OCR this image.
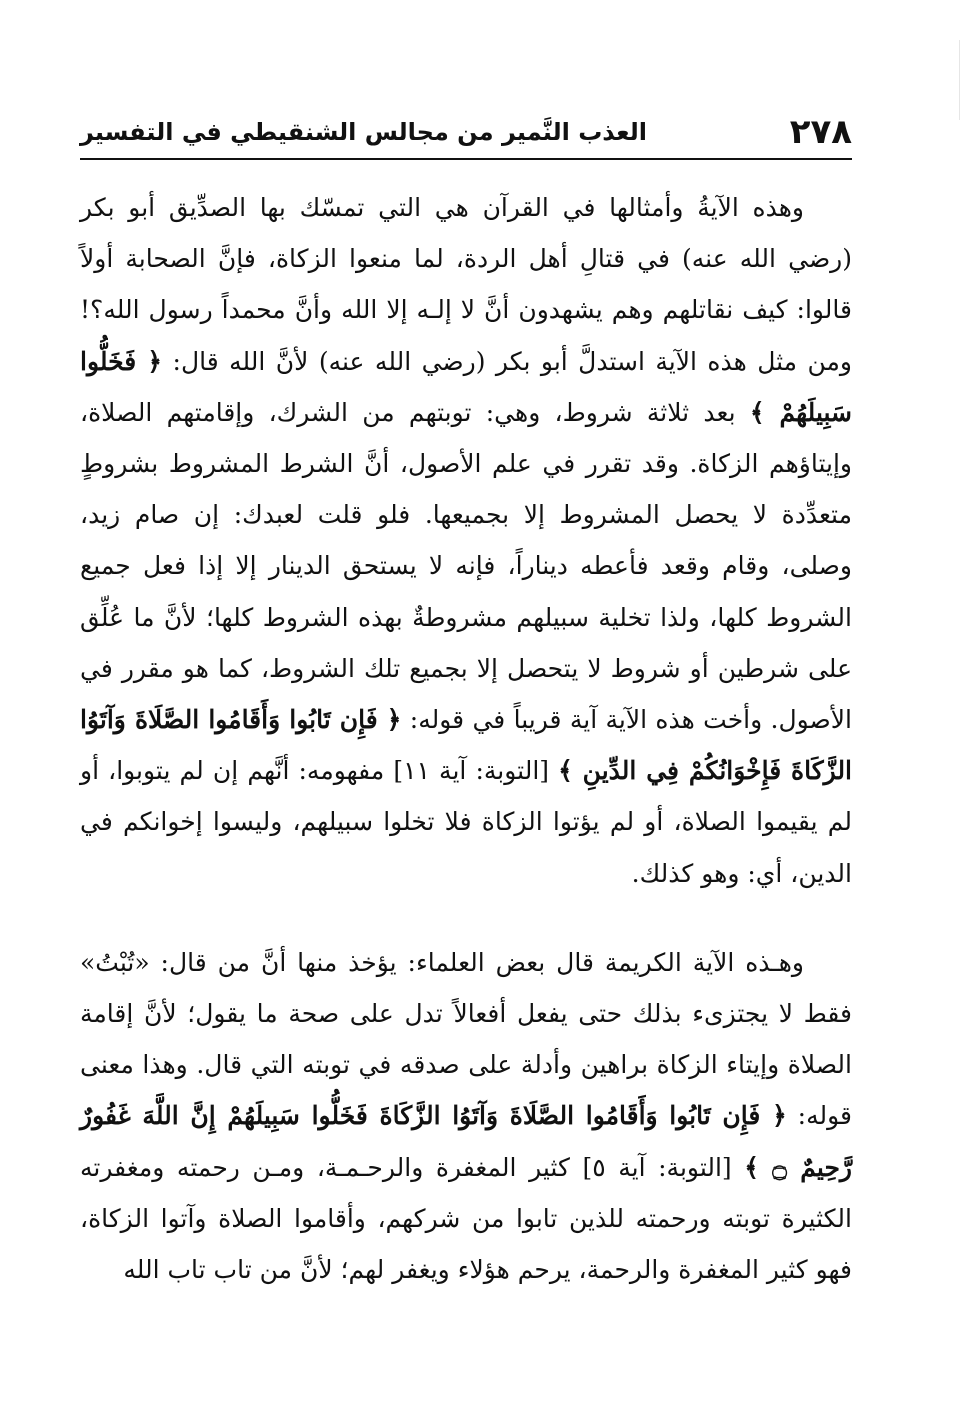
٢٧٨
العذب النَّمير من مجالس الشنقيطي في التفسير

وهذه الآيةُ وأمثالها في القرآن هي التي تمسّك بها الصدِّيق أبو بكر (رضي الله عنه) في قتالِ أهل الردة، لما منعوا الزكاة، فإنَّ الصحابة أولاً قالوا: كيف نقاتلهم وهم يشهدون أنَّ لا إلـه إلا الله وأنَّ محمداً رسول الله؟! ومن مثل هذه الآية استدلَّ أبو بكر (رضي الله عنه) لأنَّ الله قال: ﴿ فَخَلُّوا سَبِيلَهُمْ ﴾ بعد ثلاثة شروط، وهي: توبتهم من الشرك، وإقامتهم الصلاة، وإيتاؤهم الزكاة. وقد تقرر في علم الأصول، أنَّ الشرط المشروط بشروطٍ متعدِّدة لا يحصل المشروط إلا بجميعها. فلو قلت لعبدك: إن صام زيد، وصلى، وقام وقعد فأعطه ديناراً، فإنه لا يستحق الدينار إلا إذا فعل جميع الشروط كلها، ولذا تخلية سبيلهم مشروطةٌ بهذه الشروط كلها؛ لأنَّ ما عُلِّق على شرطين أو شروط لا يتحصل إلا بجميع تلك الشروط، كما هو مقرر في الأصول. وأخت هذه الآية آية قريباً في قوله: ﴿ فَإِن تَابُوا وَأَقَامُوا الصَّلَاةَ وَآتَوُا الزَّكَاةَ فَإِخْوَانُكُمْ فِي الدِّينِ ﴾ [التوبة: آية ١١] مفهومه: أنَّهم إن لم يتوبوا، أو لم يقيموا الصلاة، أو لم يؤتوا الزكاة فلا تخلوا سبيلهم، وليسوا إخوانكم في الدين، أي: وهو كذلك.

وهـذه الآية الكريمة قال بعض العلماء: يؤخذ منها أنَّ من قال: «تُبْتُ» فقط لا يجتزىء بذلك حتى يفعل أفعالاً تدل على صحة ما يقول؛ لأنَّ إقامة الصلاة وإيتاء الزكاة براهين وأدلة على صدقه في توبته التي قال. وهذا معنى قوله: ﴿ فَإِن تَابُوا وَأَقَامُوا الصَّلَاةَ وَآتَوُا الزَّكَاةَ فَخَلُّوا سَبِيلَهُمْ إِنَّ اللَّهَ غَفُورٌ رَّحِيمٌ ۝ ﴾ [التوبة: آية ٥] كثير المغفرة والرحـمـة، ومـن رحمته ومغفرته الكثيرة توبته ورحمته للذين تابوا من شركهم، وأقاموا الصلاة وآتوا الزكاة، فهو كثير المغفرة والرحمة، يرحم هؤلاء ويغفر لهم؛ لأنَّ من تاب تاب الله
